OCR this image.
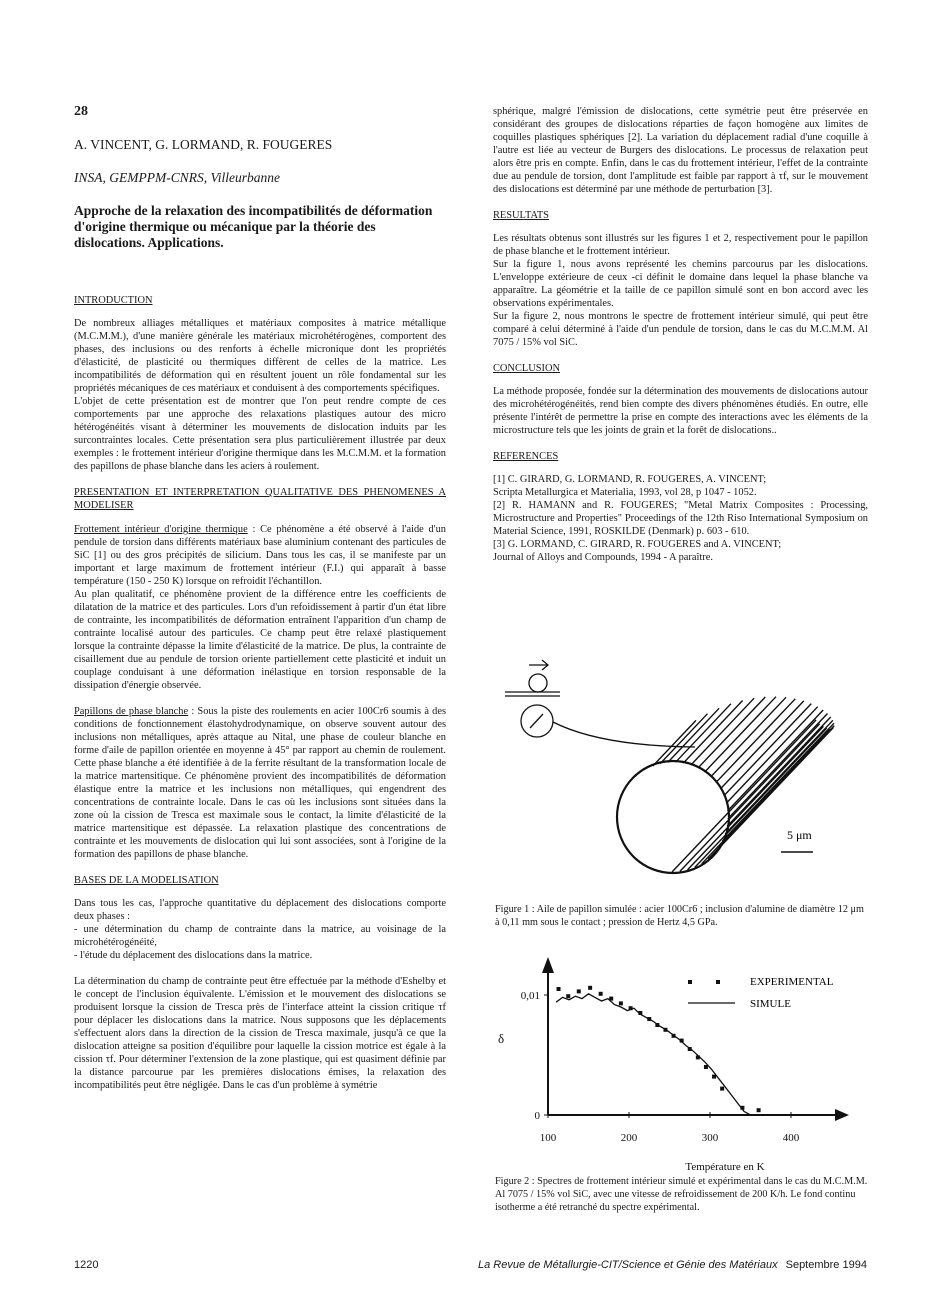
28
A. VINCENT, G. LORMAND, R. FOUGERES
INSA, GEMPPM-CNRS, Villeurbanne
Approche de la relaxation des incompatibilités de déformation d'origine thermique ou mécanique par la théorie des dislocations. Applications.

INTRODUCTION

De nombreux alliages métalliques et matériaux composites à matrice métallique (M.C.M.M.), d'une manière générale les matériaux microhétérogènes, comportent des phases, des inclusions ou des renforts à échelle micronique dont les propriétés d'élasticité, de plasticité ou thermiques diffèrent de celles de la matrice. Les incompatibilités de déformation qui en résultent jouent un rôle fondamental sur les propriétés mécaniques de ces matériaux et conduisent à des comportements spécifiques.

L'objet de cette présentation est de montrer que l'on peut rendre compte de ces comportements par une approche des relaxations plastiques autour des micro hétérogénéités visant à déterminer les mouvements de dislocation induits par les surcontraintes locales. Cette présentation sera plus particulièrement illustrée par deux exemples : le frottement intérieur d'origine thermique dans les M.C.M.M. et la formation des papillons de phase blanche dans les aciers à roulement.

PRESENTATION ET INTERPRETATION QUALITATIVE DES PHENOMENES A MODELISER

Frottement intérieur d'origine thermique : Ce phénomène a été observé à l'aide d'un pendule de torsion dans différents matériaux base aluminium contenant des particules de SiC [1] ou des gros précipités de silicium. Dans tous les cas, il se manifeste par un important et large maximum de frottement intérieur (F.I.) qui apparaît à basse température (150 - 250 K) lorsque on refroidit l'échantillon.

Au plan qualitatif, ce phénomène provient de la différence entre les coefficients de dilatation de la matrice et des particules. Lors d'un refoidissement à partir d'un état libre de contrainte, les incompatibilités de déformation entraînent l'apparition d'un champ de contrainte localisé autour des particules. Ce champ peut être relaxé plastiquement lorsque la contrainte dépasse la limite d'élasticité de la matrice. De plus, la contrainte de cisaillement due au pendule de torsion oriente partiellement cette plasticité et induit un couplage conduisant à une déformation inélastique en torsion responsable de la dissipation d'énergie observée.

Papillons de phase blanche : Sous la piste des roulements en acier 100Cr6 soumis à des conditions de fonctionnement élastohydrodynamique, on observe souvent autour des inclusions non métalliques, après attaque au Nital, une phase de couleur blanche en forme d'aile de papillon orientée en moyenne à 45° par rapport au chemin de roulement. Cette phase blanche a été identifiée à de la ferrite résultant de la transformation locale de la matrice martensitique. Ce phénomène provient des incompatibilités de déformation élastique entre la matrice et les inclusions non métalliques, qui engendrent des concentrations de contrainte locale. Dans le cas où les inclusions sont situées dans la zone où la cission de Tresca est maximale sous le contact, la limite d'élasticité de la matrice martensitique est dépassée. La relaxation plastique des concentrations de contrainte et les mouvements de dislocation qui lui sont associées, sont à l'origine de la formation des papillons de phase blanche.

BASES DE LA MODELISATION

Dans tous les cas, l'approche quantitative du déplacement des dislocations comporte deux phases :

- une détermination du champ de contrainte dans la matrice, au voisinage de la microhétérogénéité,

- l'étude du déplacement des dislocations dans la matrice.

La détermination du champ de contrainte peut être effectuée par la méthode d'Eshelby et le concept de l'inclusion équivalente. L'émission et le mouvement des dislocations se produisent lorsque la cission de Tresca près de l'interface atteint la cission critique τf pour déplacer les dislocations dans la matrice. Nous supposons que les déplacements s'effectuent alors dans la direction de la cission de Tresca maximale, jusqu'à ce que la dislocation atteigne sa position d'équilibre pour laquelle la cission motrice est égale à la cission τf. Pour déterminer l'extension de la zone plastique, qui est quasiment définie par la distance parcourue par les premières dislocations émises, la relaxation des incompatibilités peut être négligée. Dans le cas d'un problème à symétrie

sphérique, malgré l'émission de dislocations, cette symétrie peut être préservée en considérant des groupes de dislocations réparties de façon homogène aux limites de coquilles plastiques sphériques [2]. La variation du déplacement radial d'une coquille à l'autre est liée au vecteur de Burgers des dislocations. Le processus de relaxation peut alors être pris en compte. Enfin, dans le cas du frottement intérieur, l'effet de la contrainte due au pendule de torsion, dont l'amplitude est faible par rapport à τf, sur le mouvement des dislocations est déterminé par une méthode de perturbation [3].

RESULTATS

Les résultats obtenus sont illustrés sur les figures 1 et 2, respectivement pour le papillon de phase blanche et le frottement intérieur.

Sur la figure 1, nous avons représenté les chemins parcourus par les dislocations. L'enveloppe extérieure de ceux -ci définit le domaine dans lequel la phase blanche va apparaître. La géométrie et la taille de ce papillon simulé sont en bon accord avec les observations expérimentales.

Sur la figure 2, nous montrons le spectre de frottement intérieur simulé, qui peut être comparé à celui déterminé à l'aide d'un pendule de torsion, dans le cas du M.C.M.M. Al 7075 / 15% vol SiC.

CONCLUSION

La méthode proposée, fondée sur la détermination des mouvements de dislocations autour des microhétérogénéités, rend bien compte des divers phénomènes étudiés. En outre, elle présente l'intérêt de permettre la prise en compte des interactions avec les éléments de la microstructure tels que les joints de grain et la forêt de dislocations..

REFERENCES

[1] C. GIRARD, G. LORMAND, R. FOUGERES, A. VINCENT;

Scripta Metallurgica et Materialia, 1993, vol 28, p 1047 - 1052.

[2] R. HAMANN and R. FOUGERES; "Metal Matrix Composites : Processing, Microstructure and Properties" Proceedings of the 12th Riso International Symposium on Material Science, 1991, ROSKILDE (Denmark) p. 603 - 610.

[3] G. LORMAND, C. GIRARD, R. FOUGERES and A. VINCENT;

Journal of Alloys and Compounds, 1994 - A paraître.

5 μm
Figure 1 : Aile de papillon simulée : acier 100Cr6 ; inclusion d'alumine de diamètre 12 μm à 0,11 mm sous le contact ; pression de Hertz 4,5 GPa.
100	200	300	400
0
0,01
δ
Température en K
EXPERIMENTAL
SIMULE
Figure 2 : Spectres de frottement intérieur simulé et expérimental dans le cas du M.C.M.M. Al 7075 / 15% vol SiC, avec une vitesse de refroidissement de 200 K/h. Le fond continu isotherme a été retranché du spectre expérimental.
1220	La Revue de Métallurgie-CIT/Science et Génie des Matériaux Septembre 1994
